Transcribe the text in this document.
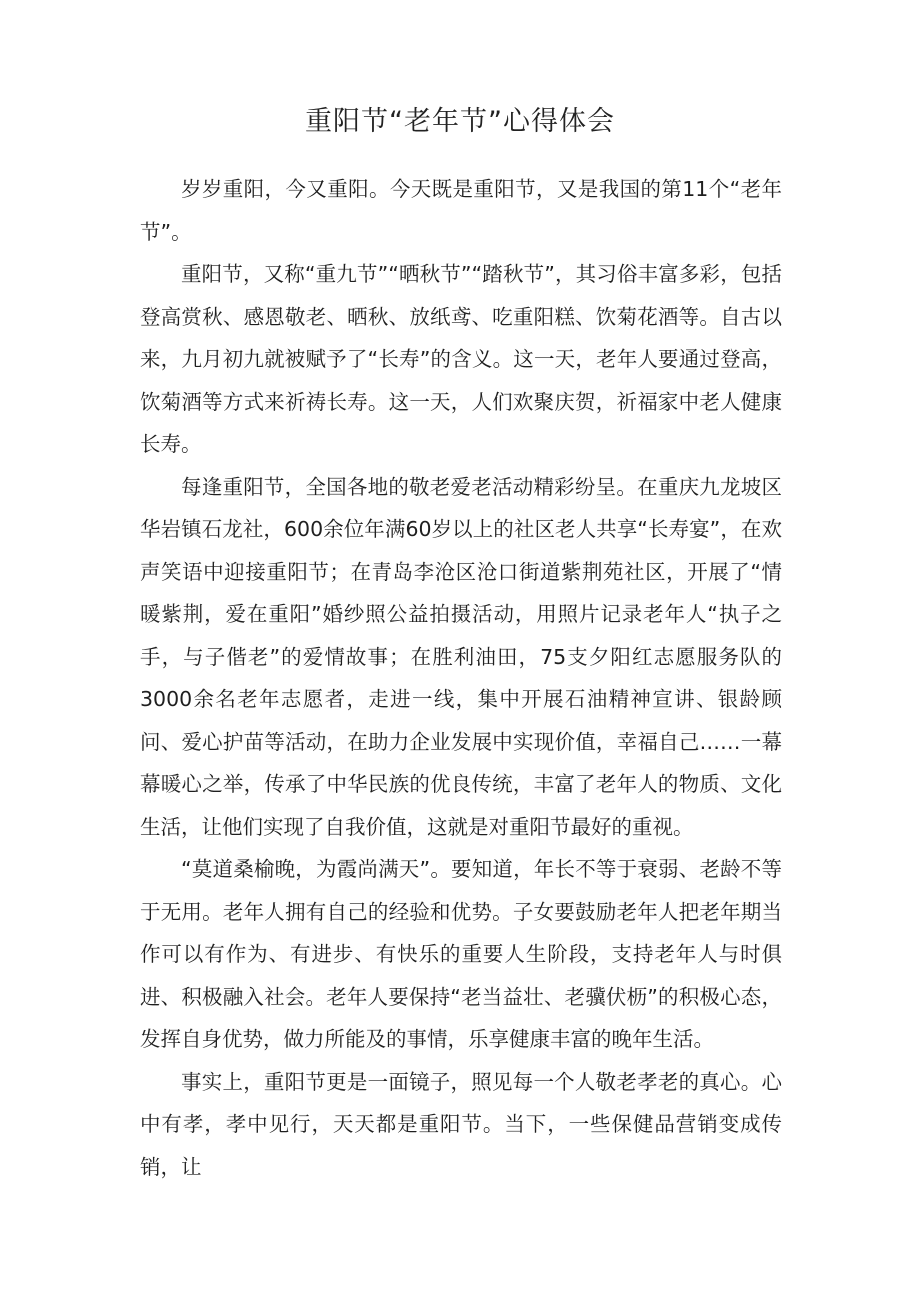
重阳节“老年节”心得体会

岁岁重阳，今又重阳。今天既是重阳节，又是我国的第11个“老年节”。

重阳节，又称“重九节”“晒秋节”“踏秋节”，其习俗丰富多彩，包括登高赏秋、感恩敬老、晒秋、放纸鸢、吃重阳糕、饮菊花酒等。自古以来，九月初九就被赋予了“长寿”的含义。这一天，老年人要通过登高，饮菊酒等方式来祈祷长寿。这一天，人们欢聚庆贺，祈福家中老人健康长寿。

每逢重阳节，全国各地的敬老爱老活动精彩纷呈。在重庆九龙坡区华岩镇石龙社，600余位年满60岁以上的社区老人共享“长寿宴”，在欢声笑语中迎接重阳节；在青岛李沧区沧口街道紫荆苑社区，开展了“情暖紫荆，爱在重阳”婚纱照公益拍摄活动，用照片记录老年人“执子之手，与子偕老”的爱情故事；在胜利油田，75支夕阳红志愿服务队的3000余名老年志愿者，走进一线，集中开展石油精神宣讲、银龄顾问、爱心护苗等活动，在助力企业发展中实现价值，幸福自己……一幕幕暖心之举，传承了中华民族的优良传统，丰富了老年人的物质、文化生活，让他们实现了自我价值，这就是对重阳节最好的重视。

“莫道桑榆晚，为霞尚满天”。要知道，年长不等于衰弱、老龄不等于无用。老年人拥有自己的经验和优势。子女要鼓励老年人把老年期当作可以有作为、有进步、有快乐的重要人生阶段，支持老年人与时俱进、积极融入社会。老年人要保持“老当益壮、老骥伏枥”的积极心态，发挥自身优势，做力所能及的事情，乐享健康丰富的晚年生活。

事实上，重阳节更是一面镜子，照见每一个人敬老孝老的真心。心中有孝，孝中见行，天天都是重阳节。当下，一些保健品营销变成传销，让
